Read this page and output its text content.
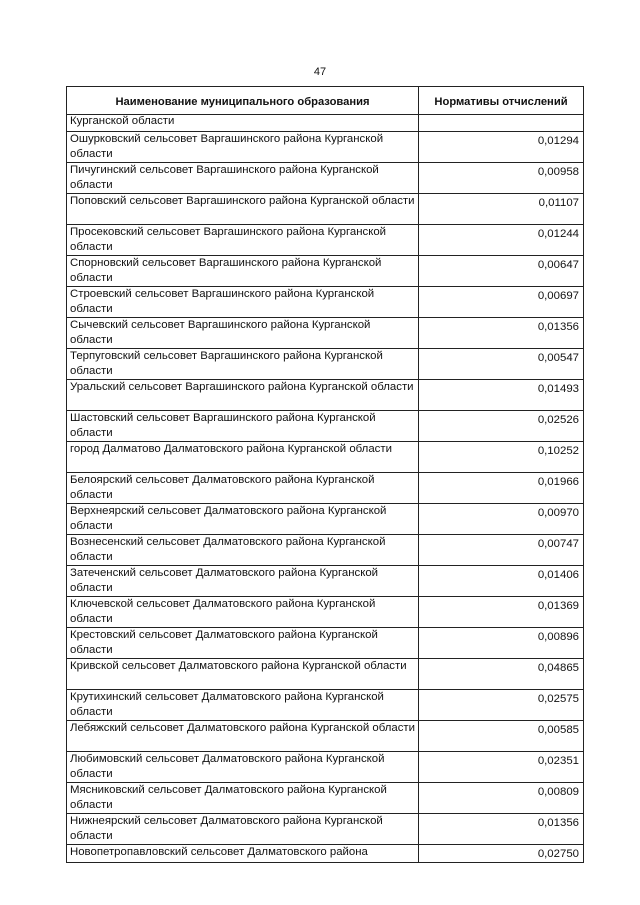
47
Наименование муниципального образования	Нормативы отчислений
Курганской области	
Ошурковский сельсовет Варгашинского района Курганской области	0,01294
Пичугинский сельсовет Варгашинского района Курганской области	0,00958
Поповский сельсовет Варгашинского района Курганской области	0,01107
Просековский сельсовет Варгашинского района Курганской области	0,01244
Спорновский сельсовет Варгашинского района Курганской области	0,00647
Строевский сельсовет Варгашинского района Курганской области	0,00697
Сычевский сельсовет Варгашинского района Курганской области	0,01356
Терпуговский сельсовет Варгашинского района Курганской области	0,00547
Уральский сельсовет Варгашинского района Курганской области	0,01493
Шастовский сельсовет Варгашинского района Курганской области	0,02526
город Далматово Далматовского района Курганской области	0,10252
Белоярский сельсовет Далматовского района Курганской области	0,01966
Верхнеярский сельсовет Далматовского района Курганской области	0,00970
Вознесенский сельсовет Далматовского района Курганской области	0,00747
Затеченский сельсовет Далматовского района Курганской области	0,01406
Ключевской сельсовет Далматовского района Курганской области	0,01369
Крестовский сельсовет Далматовского района Курганской области	0,00896
Кривской сельсовет Далматовского района Курганской области	0,04865
Крутихинский сельсовет Далматовского района Курганской области	0,02575
Лебяжский сельсовет Далматовского района Курганской области	0,00585
Любимовский сельсовет Далматовского района Курганской области	0,02351
Мясниковский сельсовет Далматовского района Курганской области	0,00809
Нижнеярский сельсовет Далматовского района Курганской области	0,01356
Новопетропавловский сельсовет Далматовского района	0,02750
